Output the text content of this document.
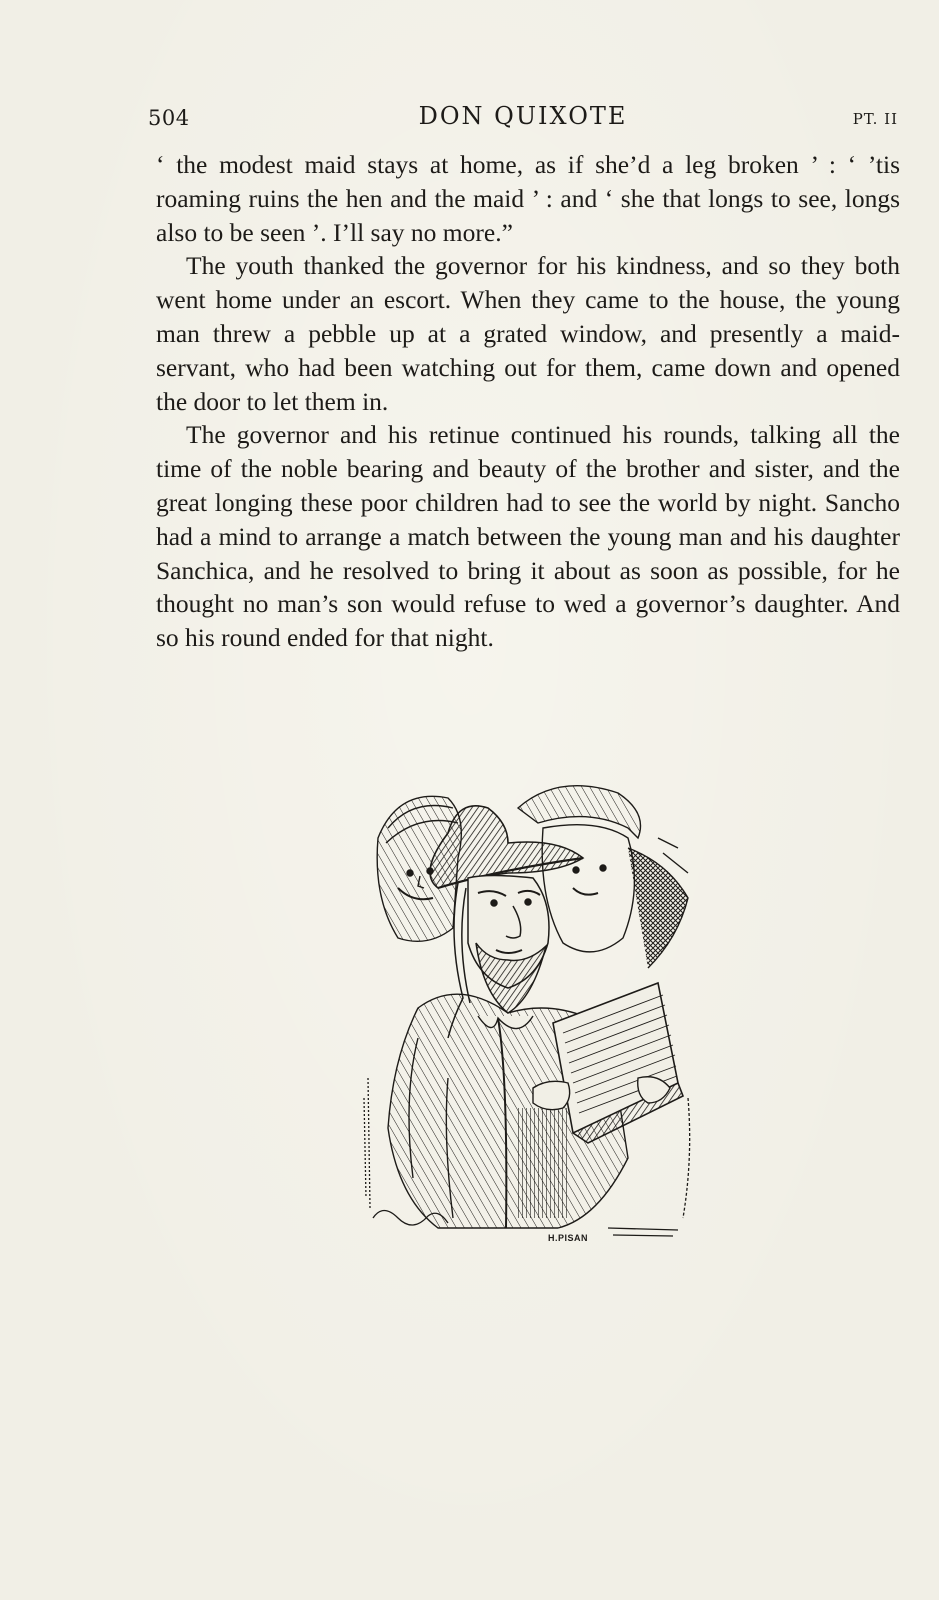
504	DON QUIXOTE	PT. II

‘ the modest maid stays at home, as if she’d a leg broken ’ : ‘ ’tis roaming ruins the hen and the maid ’ : and ‘ she that longs to see, longs also to be seen ’. I’ll say no more.”

The youth thanked the governor for his kindness, and so they both went home under an escort. When they came to the house, the young man threw a pebble up at a grated window, and presently a maid-servant, who had been watching out for them, came down and opened the door to let them in.

The governor and his retinue continued his rounds, talking all the time of the noble bearing and beauty of the brother and sister, and the great longing these poor children had to see the world by night. Sancho had a mind to arrange a match between the young man and his daughter Sanchica, and he resolved to bring it about as soon as possible, for he thought no man’s son would refuse to wed a governor’s daughter. And so his round ended for that night.

H.PISAN
